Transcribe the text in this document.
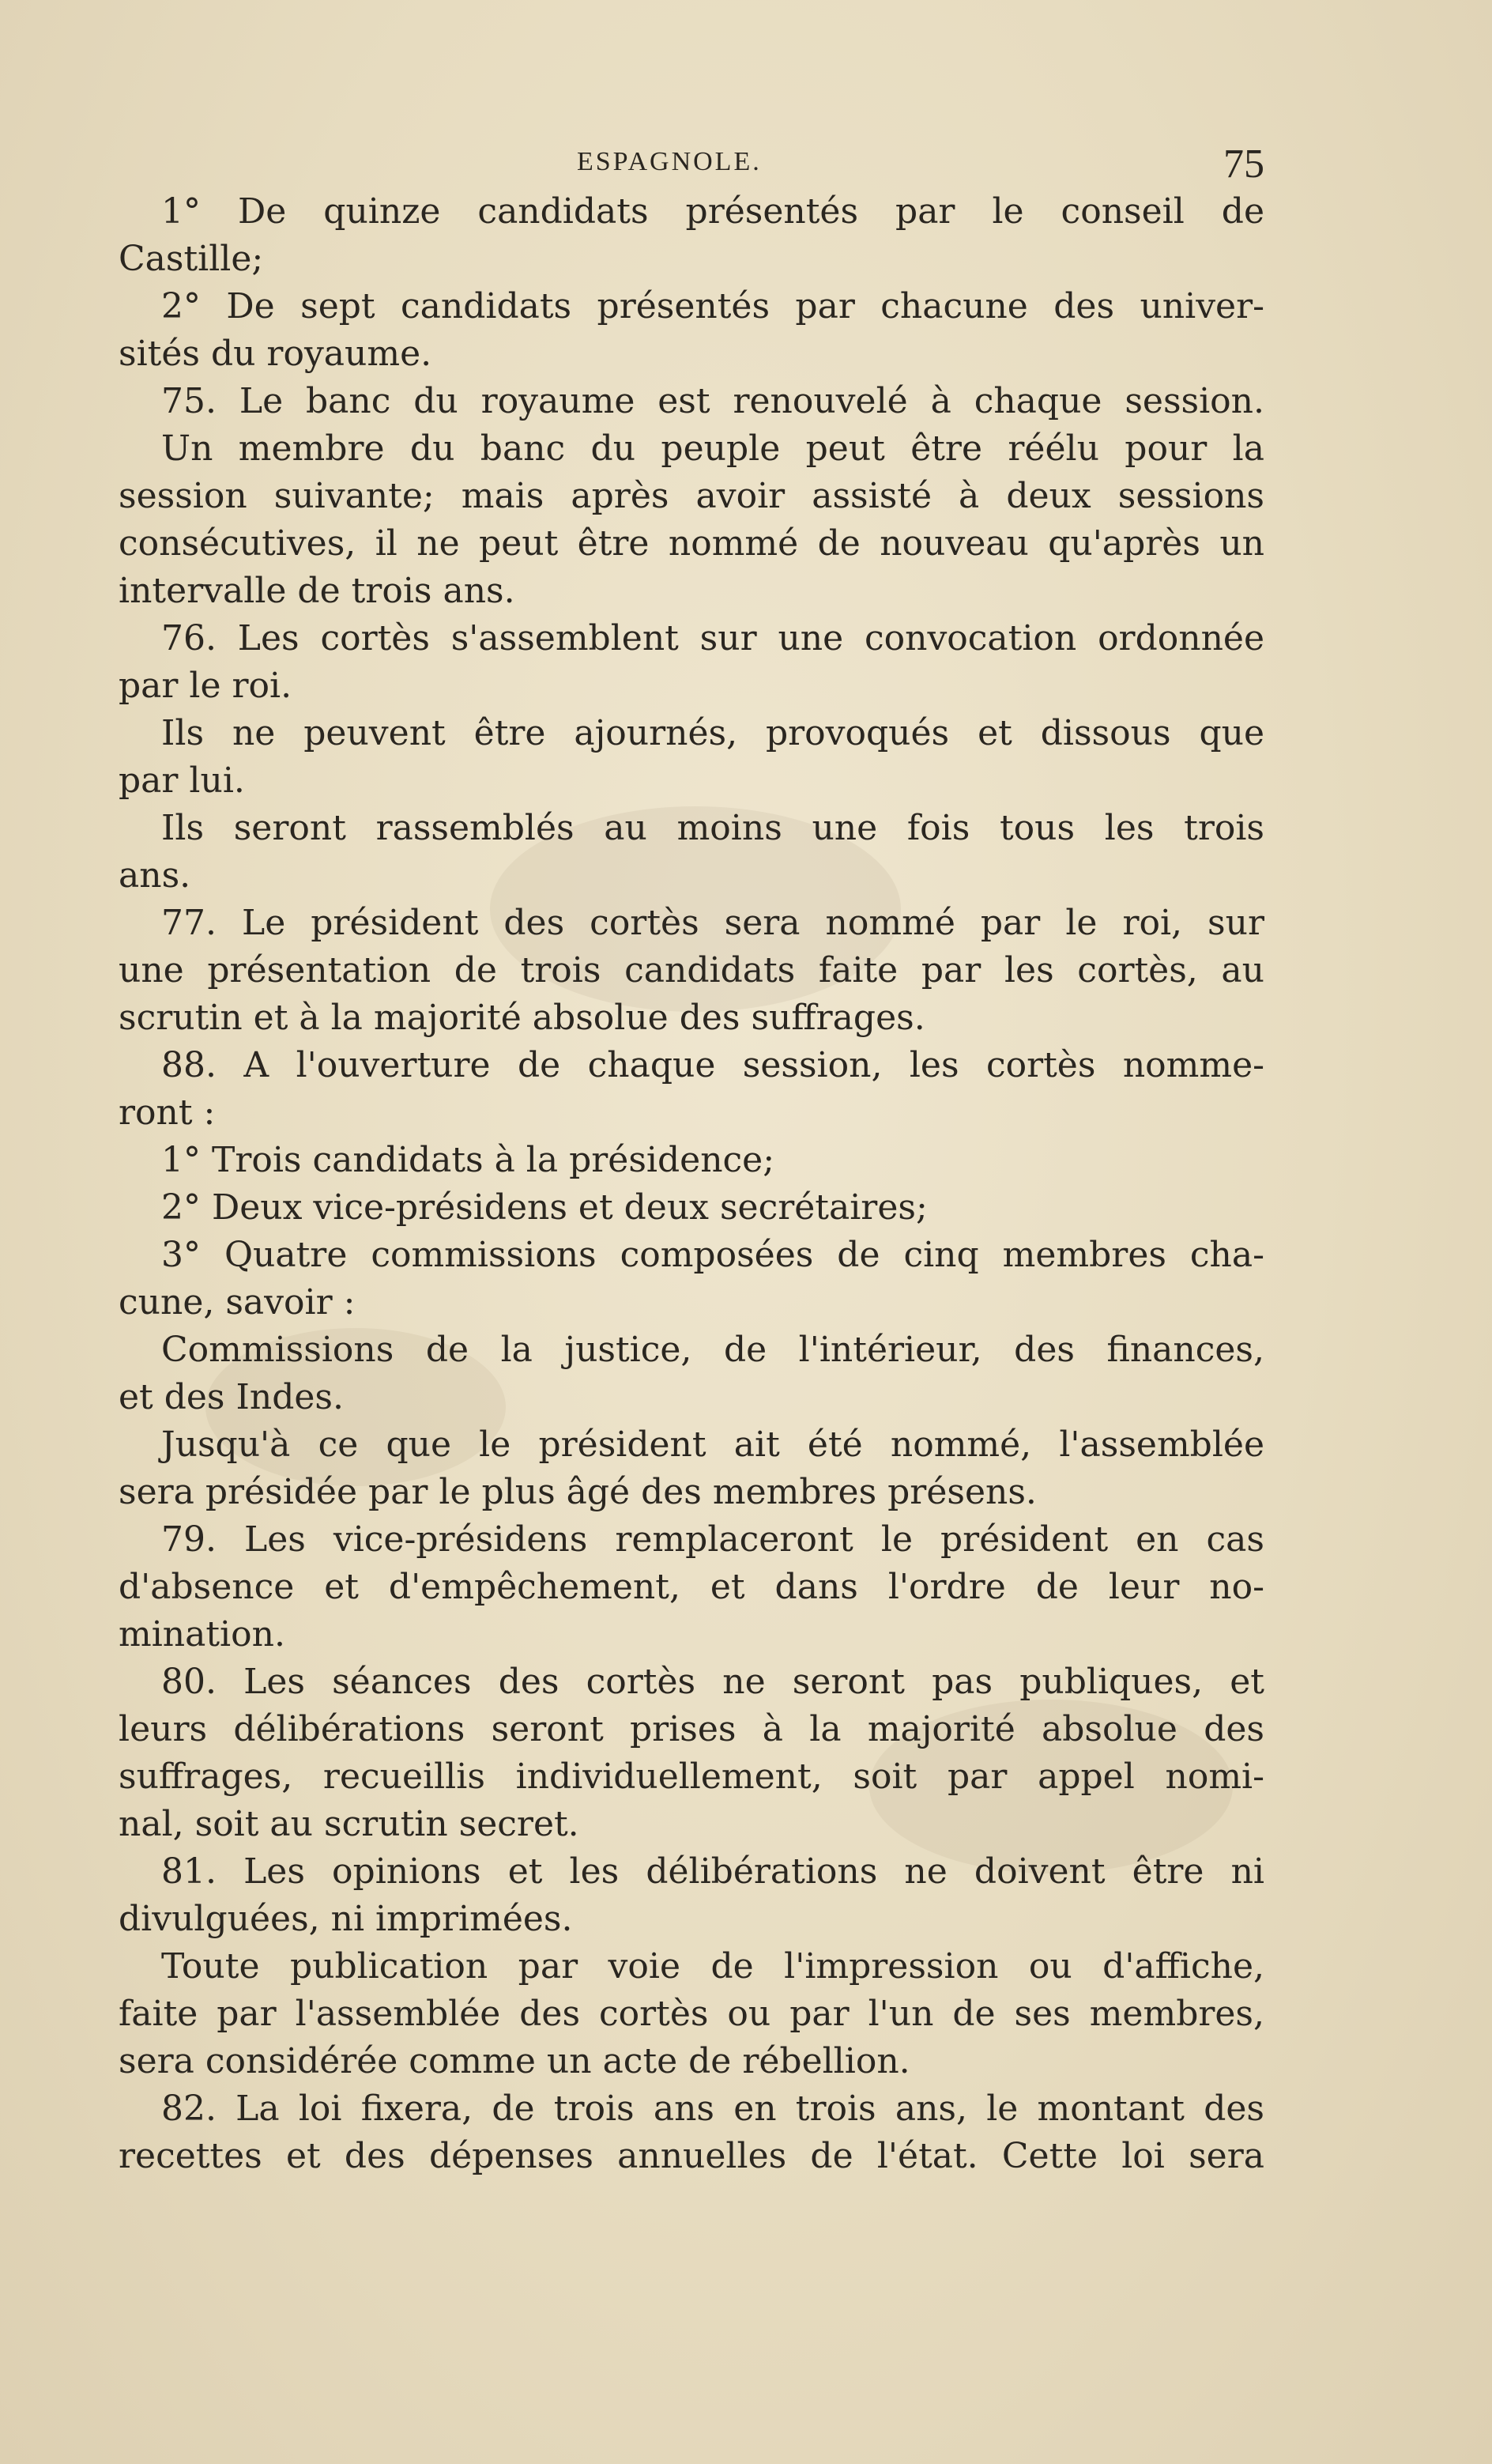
ESPAGNOLE.	75
1° De quinze candidats présentés par le conseil de
Castille;
2° De sept candidats présentés par chacune des univer-
sités du royaume.
75. Le banc du royaume est renouvelé à chaque session.
Un membre du banc du peuple peut être réélu pour la
session suivante; mais après avoir assisté à deux sessions
consécutives, il ne peut être nommé de nouveau qu'après un
intervalle de trois ans.
76. Les cortès s'assemblent sur une convocation ordonnée
par le roi.
Ils ne peuvent être ajournés, provoqués et dissous que
par lui.
Ils seront rassemblés au moins une fois tous les trois
ans.
77. Le président des cortès sera nommé par le roi, sur
une présentation de trois candidats faite par les cortès, au
scrutin et à la majorité absolue des suffrages.
88. A l'ouverture de chaque session, les cortès nomme-
ront :
1° Trois candidats à la présidence;
2° Deux vice-présidens et deux secrétaires;
3° Quatre commissions composées de cinq membres cha-
cune, savoir :
Commissions de la justice, de l'intérieur, des finances,
et des Indes.
Jusqu'à ce que le président ait été nommé, l'assemblée
sera présidée par le plus âgé des membres présens.
79. Les vice-présidens remplaceront le président en cas
d'absence et d'empêchement, et dans l'ordre de leur no-
mination.
80. Les séances des cortès ne seront pas publiques, et
leurs délibérations seront prises à la majorité absolue des
suffrages, recueillis individuellement, soit par appel nomi-
nal, soit au scrutin secret.
81. Les opinions et les délibérations ne doivent être ni
divulguées, ni imprimées.
Toute publication par voie de l'impression ou d'affiche,
faite par l'assemblée des cortès ou par l'un de ses membres,
sera considérée comme un acte de rébellion.
82. La loi fixera, de trois ans en trois ans, le montant des
recettes et des dépenses annuelles de l'état. Cette loi sera
